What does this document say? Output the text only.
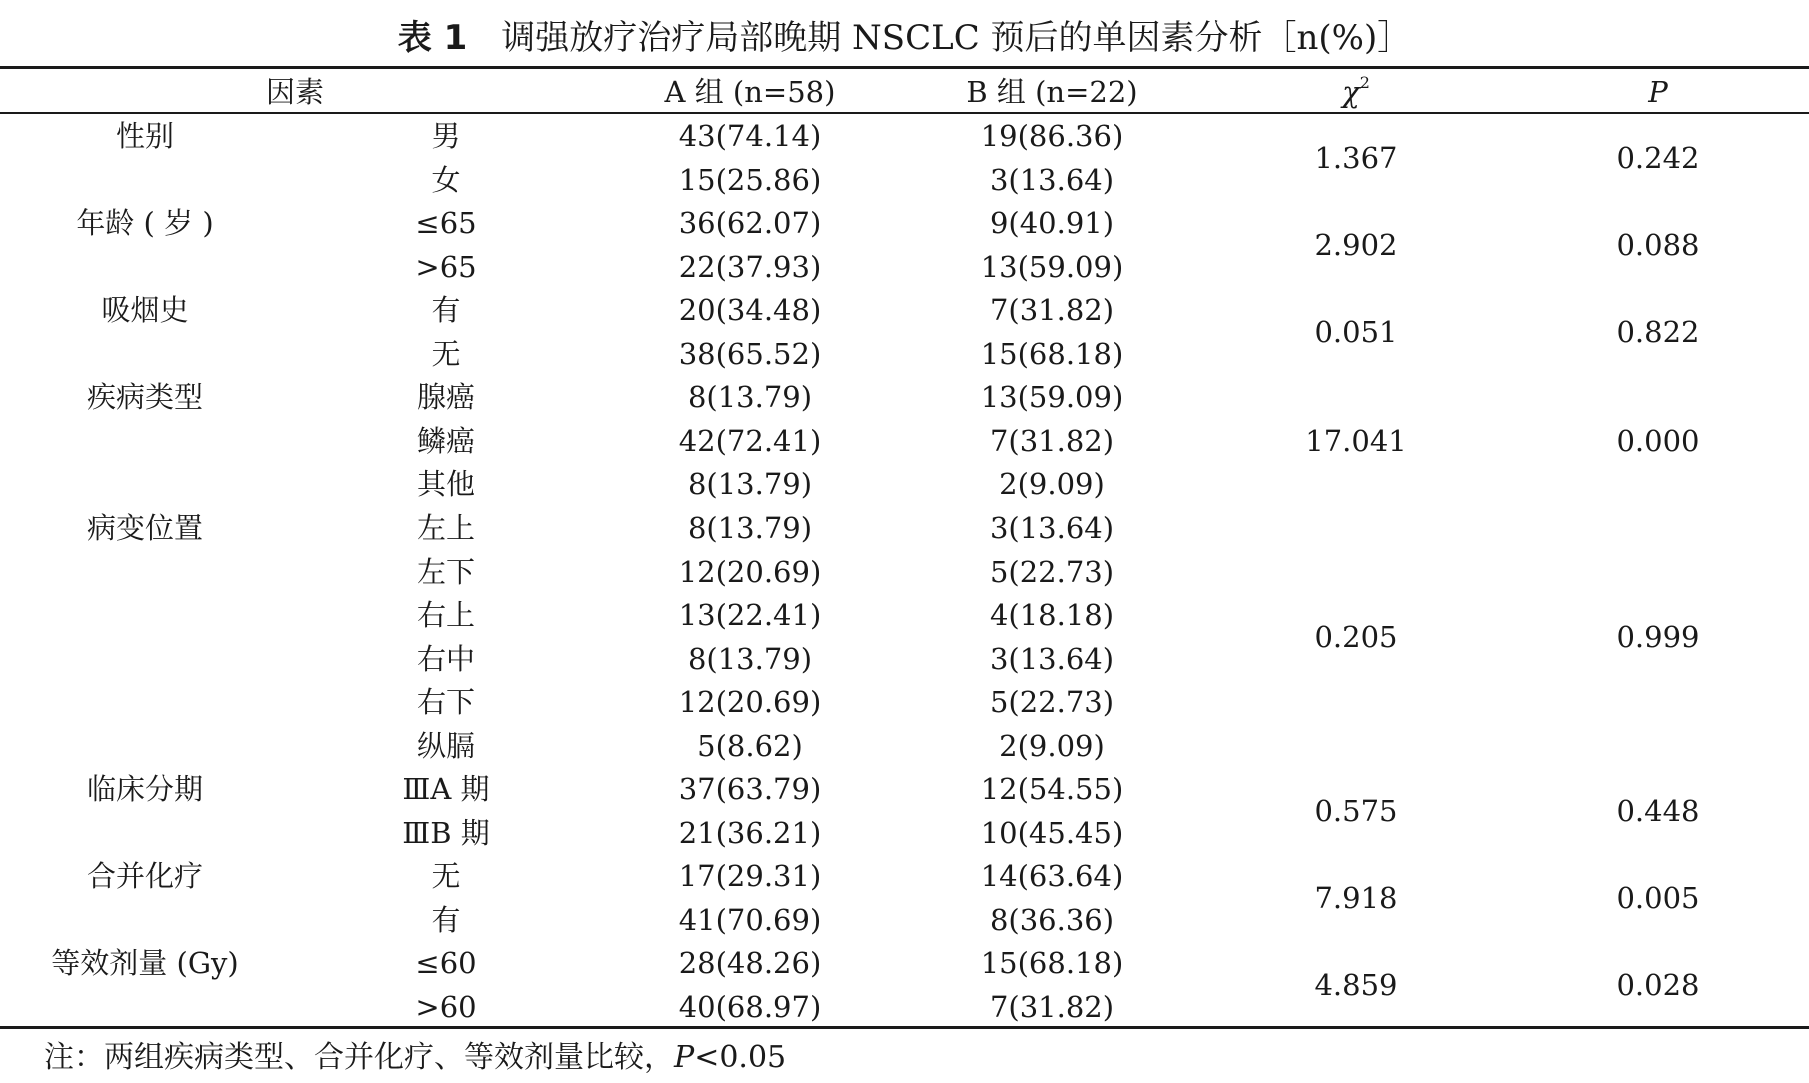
表 1 调强放疗治疗局部晚期 NSCLC 预后的单因素分析［n(%)］
因素	A 组 (n=58)	B 组 (n=22)	$\chi^2$	P
性别	男	43(74.14)	19(86.36)
女	15(25.86)	3(13.64)
1.367	0.242
年龄 ( 岁 )	≤65	36(62.07)	9(40.91)
>65	22(37.93)	13(59.09)
2.902	0.088
吸烟史	有	20(34.48)	7(31.82)
无	38(65.52)	15(68.18)
0.051	0.822
疾病类型	腺癌	8(13.79)	13(59.09)
鳞癌	42(72.41)	7(31.82)
其他	8(13.79)	2(9.09)
17.041	0.000
病变位置	左上	8(13.79)	3(13.64)
左下	12(20.69)	5(22.73)
右上	13(22.41)	4(18.18)
右中	8(13.79)	3(13.64)
右下	12(20.69)	5(22.73)
纵膈	5(8.62)	2(9.09)
0.205	0.999
临床分期	ⅢA 期	37(63.79)	12(54.55)
ⅢB 期	21(36.21)	10(45.45)
0.575	0.448
合并化疗	无	17(29.31)	14(63.64)
有	41(70.69)	8(36.36)
7.918	0.005
等效剂量 (Gy)	≤60	28(48.26)	15(68.18)
>60	40(68.97)	7(31.82)
4.859	0.028
注：两组疾病类型、合并化疗、等效剂量比较，P<0.05
